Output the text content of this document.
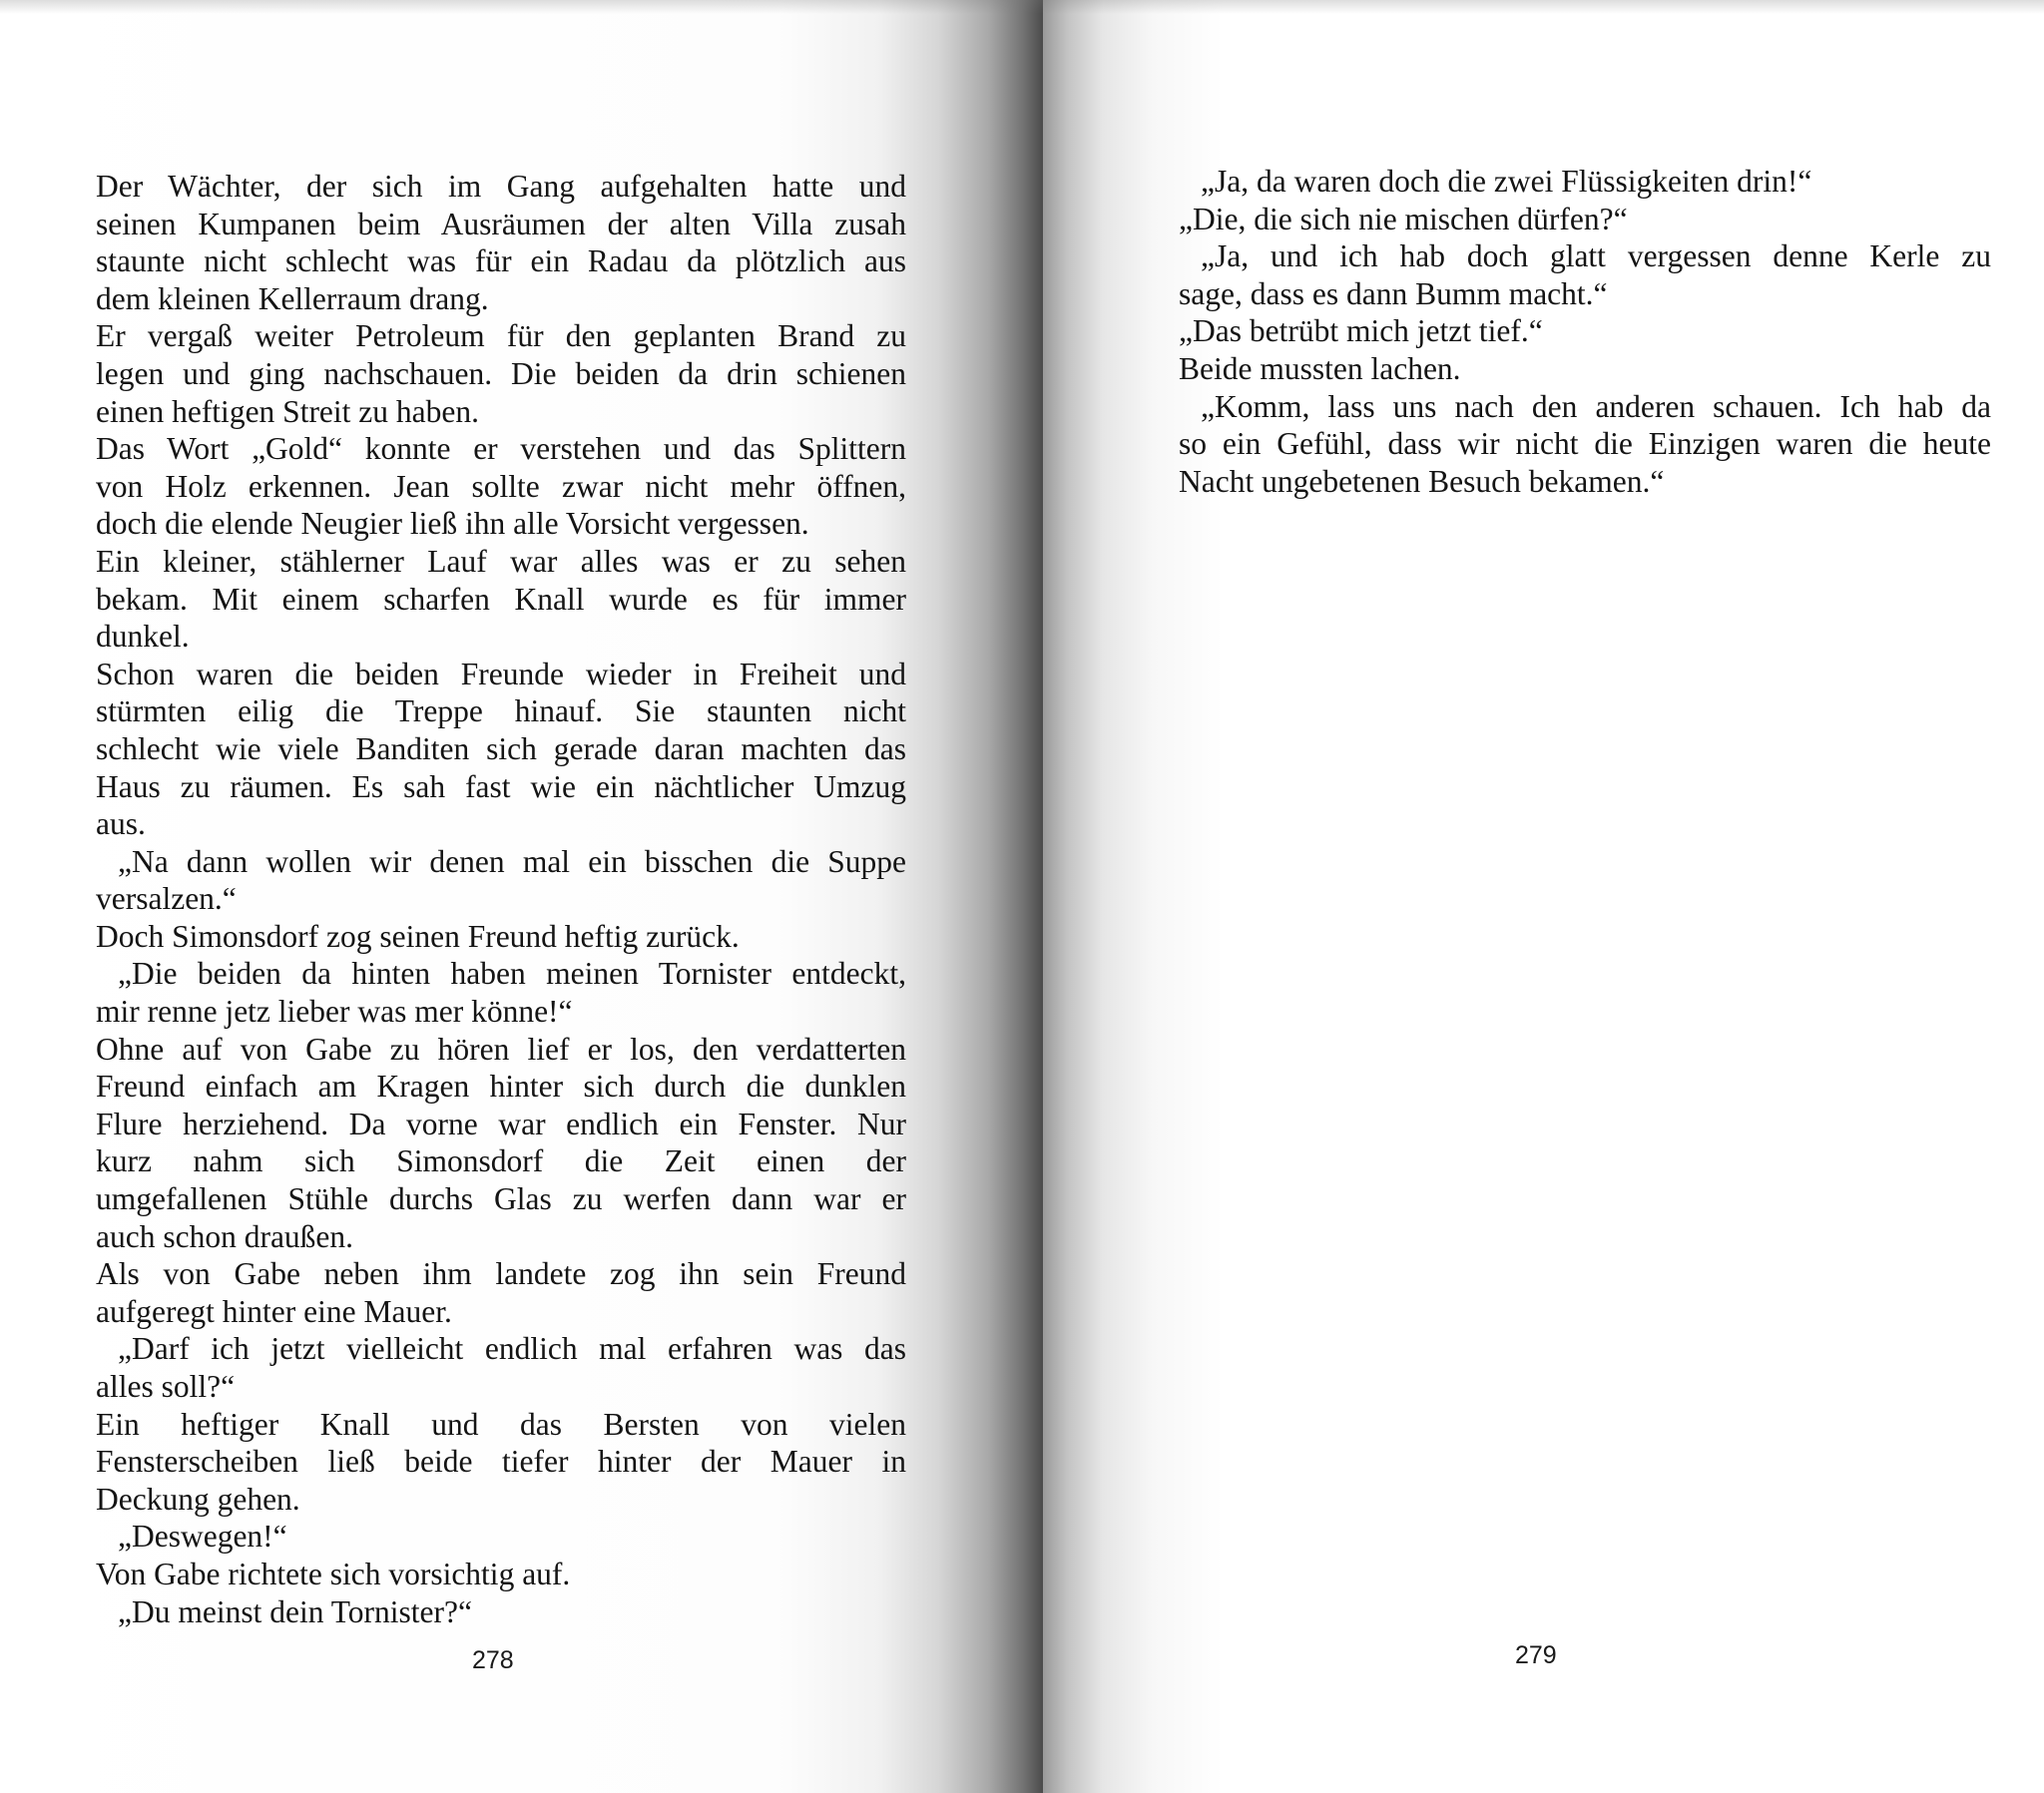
Der Wächter, der sich im Gang aufgehalten hatte und
seinen Kumpanen beim Ausräumen der alten Villa zusah
staunte nicht schlecht was für ein Radau da plötzlich aus
dem kleinen Kellerraum drang.
Er vergaß weiter Petroleum für den geplanten Brand zu
legen und ging nachschauen. Die beiden da drin schienen
einen heftigen Streit zu haben.
Das Wort „Gold“ konnte er verstehen und das Splittern
von Holz erkennen. Jean sollte zwar nicht mehr öffnen,
doch die elende Neugier ließ ihn alle Vorsicht vergessen.
Ein kleiner, stählerner Lauf war alles was er zu sehen
bekam. Mit einem scharfen Knall wurde es für immer
dunkel.
Schon waren die beiden Freunde wieder in Freiheit und
stürmten eilig die Treppe hinauf. Sie staunten nicht
schlecht wie viele Banditen sich gerade daran machten das
Haus zu räumen. Es sah fast wie ein nächtlicher Umzug
aus.
„Na dann wollen wir denen mal ein bisschen die Suppe
versalzen.“
Doch Simonsdorf zog seinen Freund heftig zurück.
„Die beiden da hinten haben meinen Tornister entdeckt,
mir renne jetz lieber was mer könne!“
Ohne auf von Gabe zu hören lief er los, den verdatterten
Freund einfach am Kragen hinter sich durch die dunklen
Flure herziehend. Da vorne war endlich ein Fenster. Nur
kurz nahm sich Simonsdorf die Zeit einen der
umgefallenen Stühle durchs Glas zu werfen dann war er
auch schon draußen.
Als von Gabe neben ihm landete zog ihn sein Freund
aufgeregt hinter eine Mauer.
„Darf ich jetzt vielleicht endlich mal erfahren was das
alles soll?“
Ein heftiger Knall und das Bersten von vielen
Fensterscheiben ließ beide tiefer hinter der Mauer in
Deckung gehen.
„Deswegen!“
Von Gabe richtete sich vorsichtig auf.
„Du meinst dein Tornister?“
278
„Ja, da waren doch die zwei Flüssigkeiten drin!“
„Die, die sich nie mischen dürfen?“
„Ja, und ich hab doch glatt vergessen denne Kerle zu
sage, dass es dann Bumm macht.“
„Das betrübt mich jetzt tief.“
Beide mussten lachen.
„Komm, lass uns nach den anderen schauen. Ich hab da
so ein Gefühl, dass wir nicht die Einzigen waren die heute
Nacht ungebetenen Besuch bekamen.“
279
